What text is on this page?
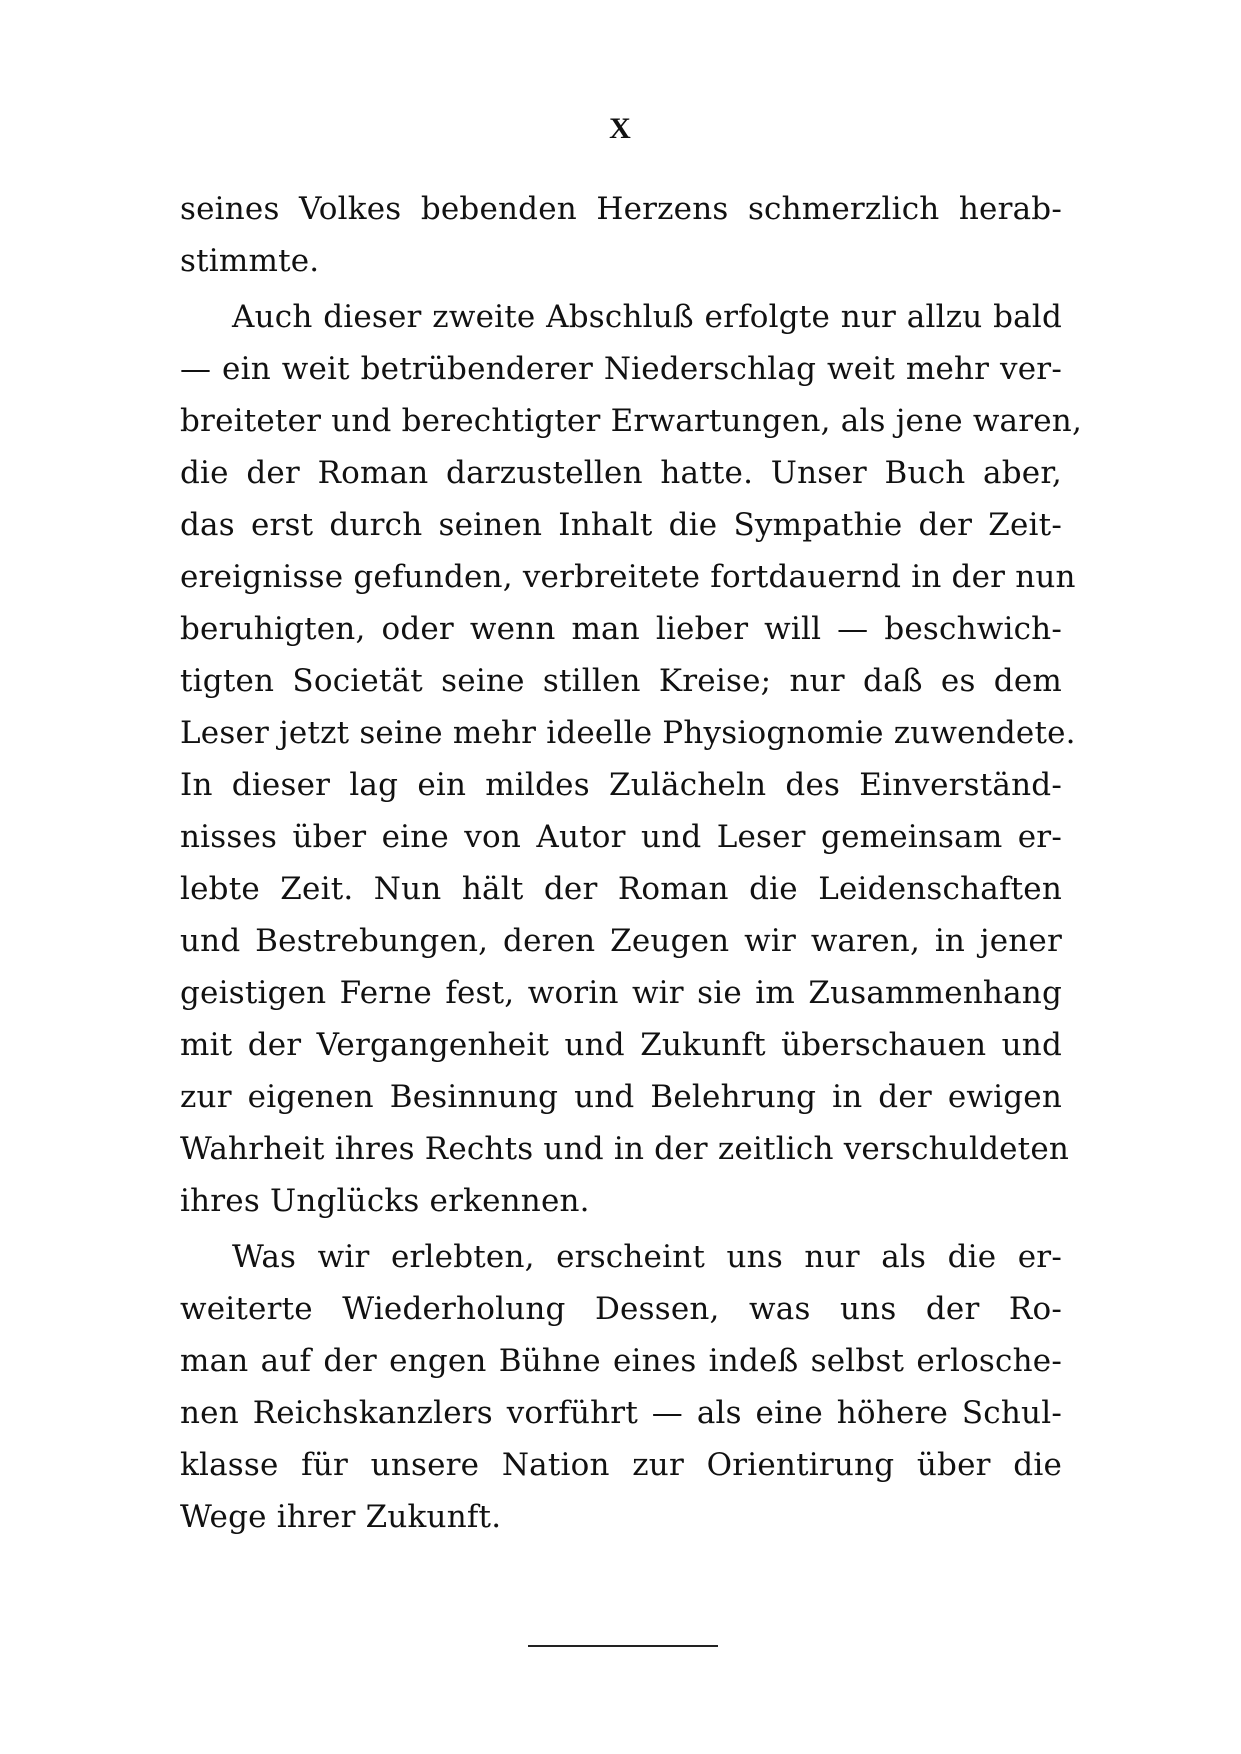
X
seines Volkes bebenden Herzens schmerzlich herab-
stimmte.
Auch dieser zweite Abschluß erfolgte nur allzu bald
— ein weit betrübenderer Niederschlag weit mehr ver-
breiteter und berechtigter Erwartungen, als jene waren,
die der Roman darzustellen hatte. Unser Buch aber,
das erst durch seinen Inhalt die Sympathie der Zeit-
ereignisse gefunden, verbreitete fortdauernd in der nun
beruhigten, oder wenn man lieber will — beschwich-
tigten Societät seine stillen Kreise; nur daß es dem
Leser jetzt seine mehr ideelle Physiognomie zuwendete.
In dieser lag ein mildes Zulächeln des Einverständ-
nisses über eine von Autor und Leser gemeinsam er-
lebte Zeit. Nun hält der Roman die Leidenschaften
und Bestrebungen, deren Zeugen wir waren, in jener
geistigen Ferne fest, worin wir sie im Zusammenhang
mit der Vergangenheit und Zukunft überschauen und
zur eigenen Besinnung und Belehrung in der ewigen
Wahrheit ihres Rechts und in der zeitlich verschuldeten
ihres Unglücks erkennen.
Was wir erlebten, erscheint uns nur als die er-
weiterte Wiederholung Dessen, was uns der Ro-
man auf der engen Bühne eines indeß selbst erlosche-
nen Reichskanzlers vorführt — als eine höhere Schul-
klasse für unsere Nation zur Orientirung über die
Wege ihrer Zukunft.
